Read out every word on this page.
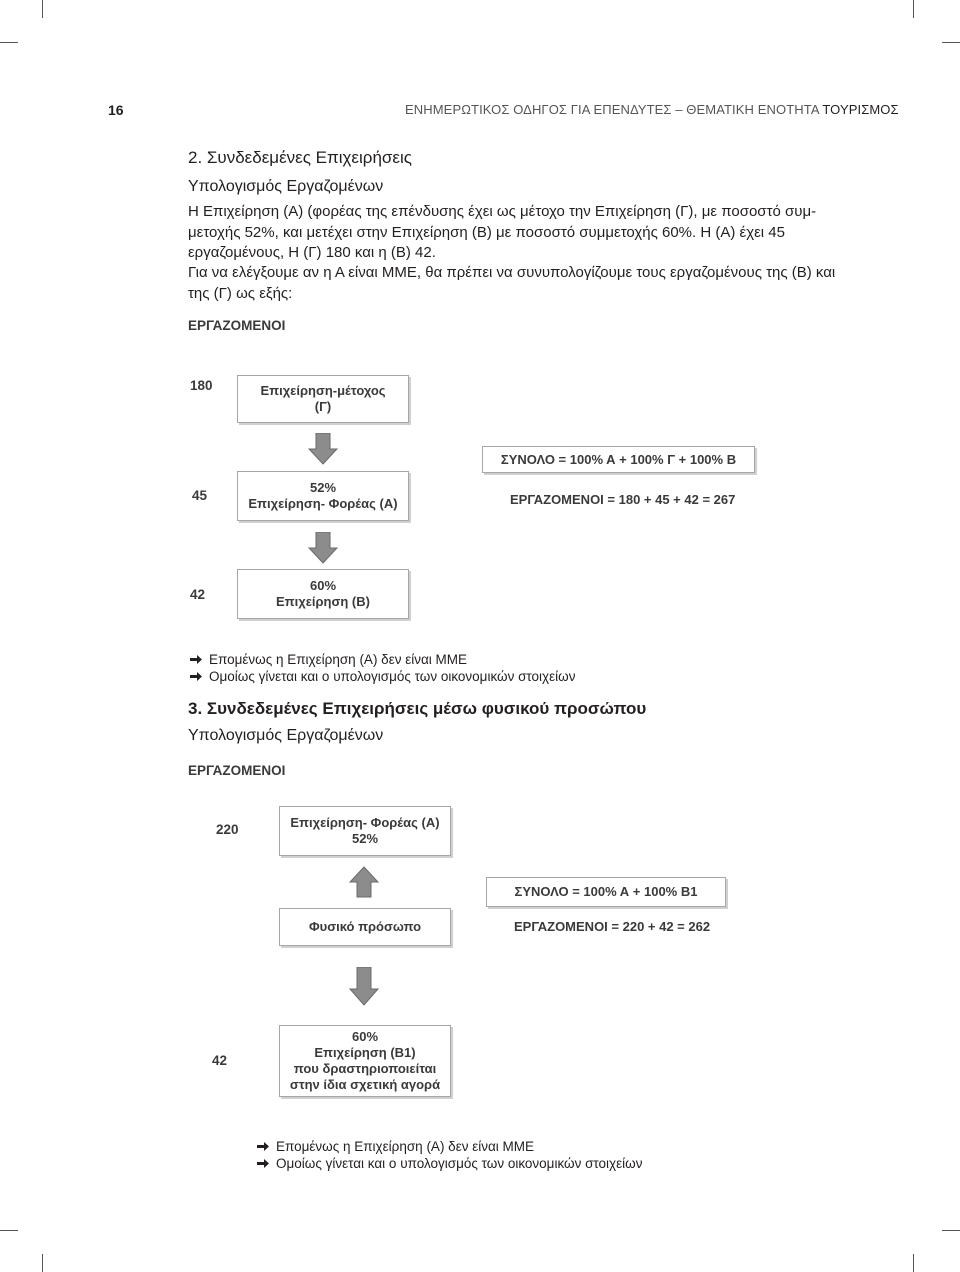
16	ΕΝΗΜΕΡΩΤΙΚΟΣ ΟΔΗΓΟΣ ΓΙΑ ΕΠΕΝΔΥΤΕΣ – ΘΕΜΑΤΙΚΗ ΕΝΟΤΗΤΑ ΤΟΥΡΙΣΜΟΣ
2. Συνδεδεμένες Επιχειρήσεις
Υπολογισμός Εργαζομένων
Η Επιχείρηση (Α) (φορέας της επένδυσης έχει ως μέτοχο την Επιχείρηση (Γ), με ποσοστό συμ-μετοχής 52%, και μετέχει στην Επιχείρηση (Β) με ποσοστό συμμετοχής 60%. Η (Α) έχει 45 εργαζομένους, Η (Γ) 180 και η (Β) 42.
Για να ελέγξουμε αν η Α είναι ΜΜΕ, θα πρέπει να συνυπολογίζουμε τους εργαζομένους της (Β) και της (Γ) ως εξής:
ΕΡΓΑΖΟΜΕΝΟΙ
180	Επιχείρηση-μέτοχος
(Γ)
45
52%
Επιχείρηση- Φορέας (Α)
42
60%
Επιχείρηση (Β)
ΣΥΝΟΛΟ = 100% Α + 100% Γ + 100% Β
ΕΡΓΑΖΟΜΕΝΟΙ = 180 + 45 + 42 = 267
Επομένως η Επιχείρηση (Α) δεν είναι ΜΜΕ
Ομοίως γίνεται και ο υπολογισμός των οικονομικών στοιχείων
3. Συνδεδεμένες Επιχειρήσεις μέσω φυσικού προσώπου
Υπολογισμός Εργαζομένων
ΕΡΓΑΖΟΜΕΝΟΙ
220	Επιχείρηση- Φορέας (Α)
52%
Φυσικό πρόσωπο
42
60%
Επιχείρηση (Β1)
που δραστηριοποιείται
στην ίδια σχετική αγορά
ΣΥΝΟΛΟ = 100% Α + 100% Β1
ΕΡΓΑΖΟΜΕΝΟΙ = 220 + 42 = 262
Επομένως η Επιχείρηση (Α) δεν είναι ΜΜΕ
Ομοίως γίνεται και ο υπολογισμός των οικονομικών στοιχείων
